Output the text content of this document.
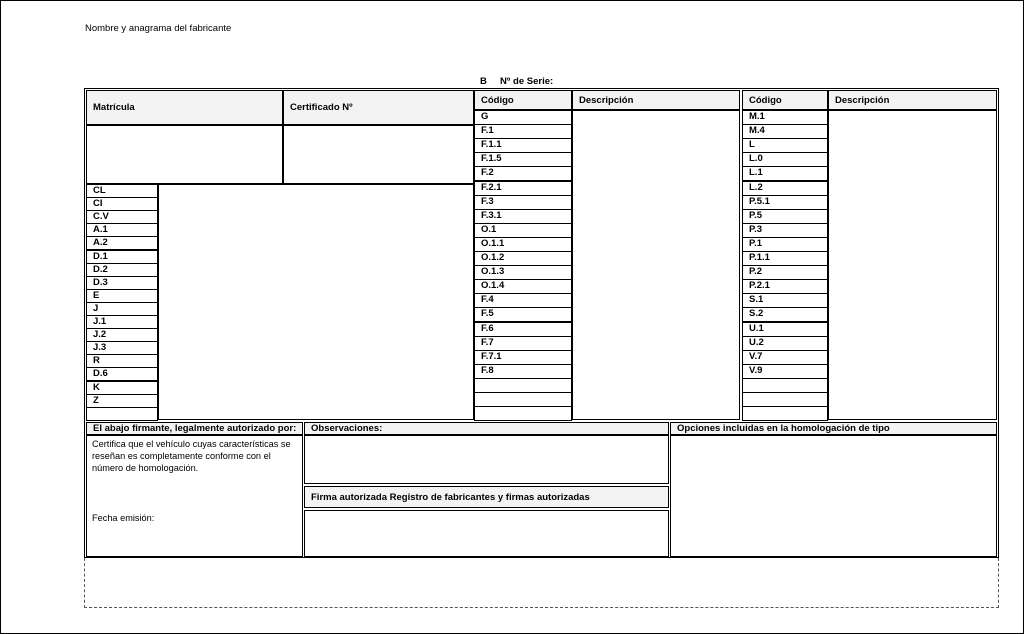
Nombre y anagrama del fabricante
B     Nº de Serie:
Matrícula	Certificado Nº
CL
CI
C.V
A.1
A.2
D.1
D.2
D.3
E
J
J.1
J.2
J.3
R
D.6
K
Z
Código	Descripción
G
F.1
F.1.1
F.1.5
F.2
F.2.1
F.3
F.3.1
O.1
O.1.1
O.1.2
O.1.3
O.1.4
F.4
F.5
F.6
F.7
F.7.1
F.8
Código	Descripción
M.1
M.4
L
L.0
L.1
L.2
P.5.1
P.5
P.3
P.1
P.1.1
P.2
P.2.1
S.1
S.2
U.1
U.2
V.7
V.9
El abajo firmante, legalmente autorizado por:
Certifica que el vehículo cuyas características se reseñan es completamente conforme con el número de homologación.
Fecha emisión:
Observaciones:
Firma autorizada Registro de fabricantes y firmas autorizadas
Opciones incluidas en la homologación de tipo
